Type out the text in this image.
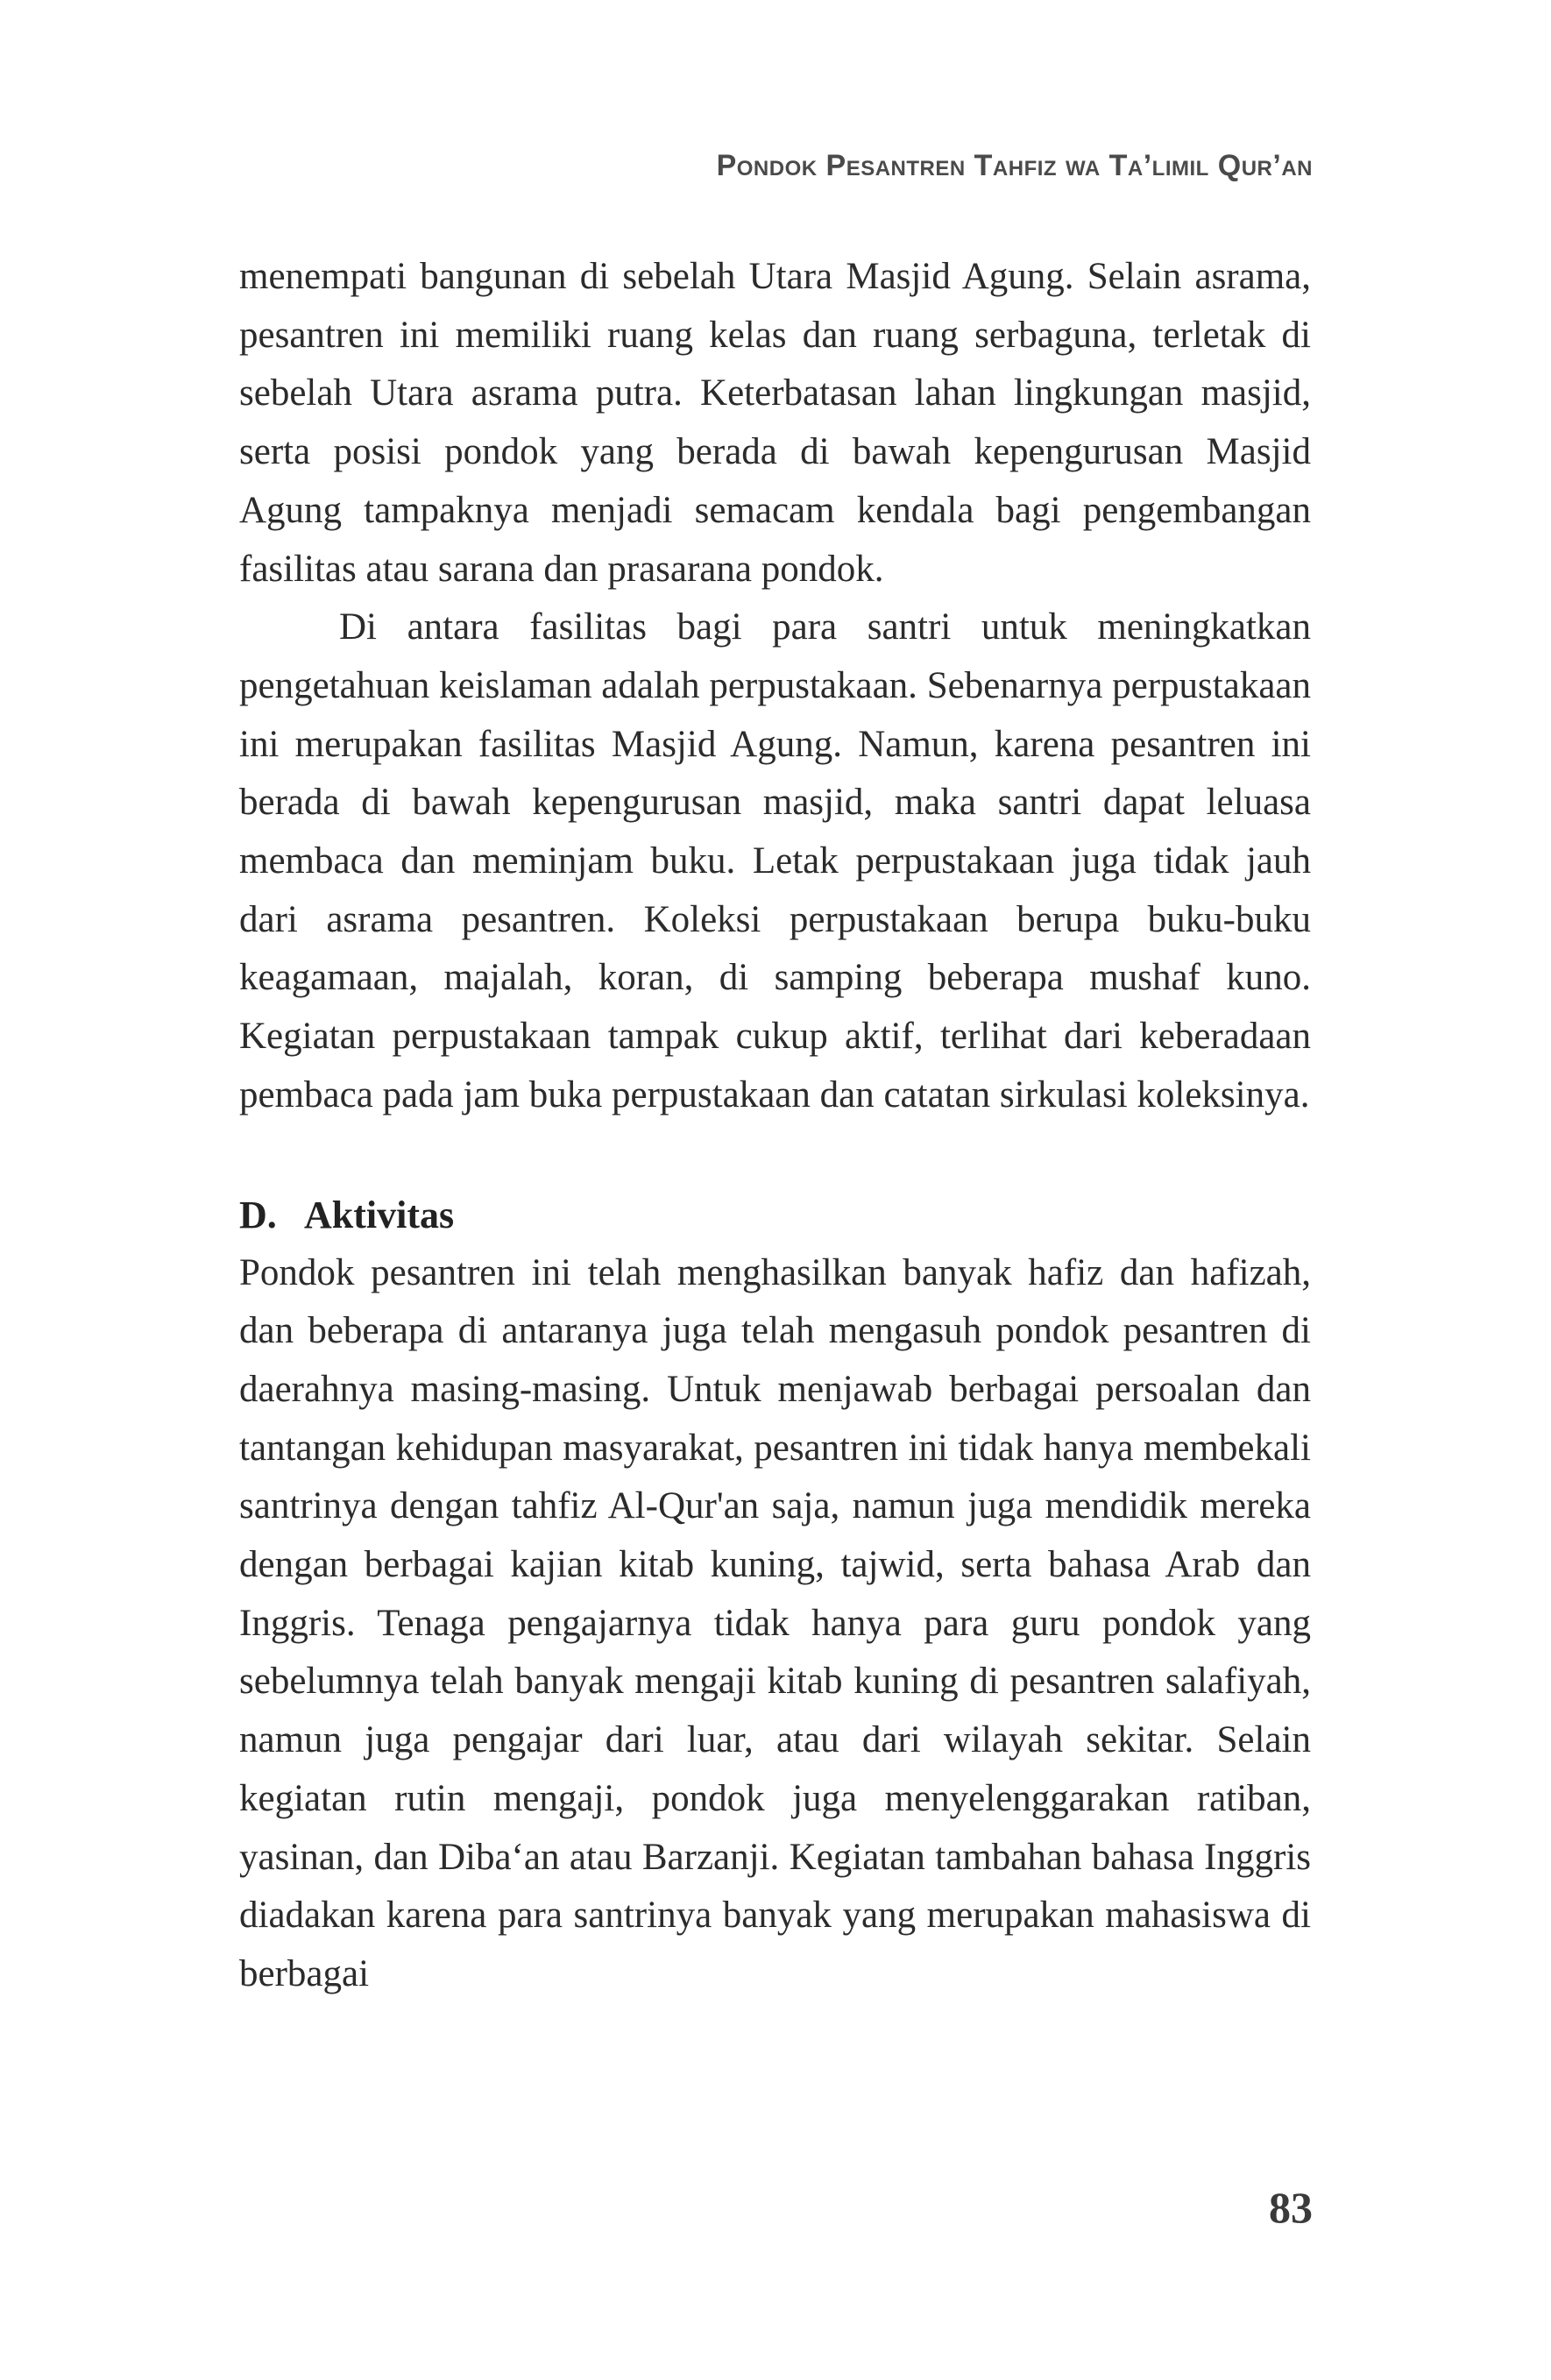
Pondok Pesantren Tahfiz wa Ta’limil Qur’an

menempati bangunan di sebelah Utara Masjid Agung. Selain asrama, pesantren ini memiliki ruang kelas dan ruang serbaguna, terletak di sebelah Utara asrama putra. Keterbatasan lahan lingkungan masjid, serta posisi pondok yang berada di bawah kepengurusan Masjid Agung tampaknya menjadi semacam kendala bagi pengembangan fasilitas atau sarana dan prasarana pondok.

Di antara fasilitas bagi para santri untuk meningkatkan pengetahuan keislaman adalah perpustakaan. Sebenarnya perpustakaan ini merupakan fasilitas Masjid Agung. Namun, karena pesantren ini berada di bawah kepengurusan masjid, maka santri dapat leluasa membaca dan meminjam buku. Letak perpustakaan juga tidak jauh dari asrama pesantren. Koleksi perpustakaan berupa buku-buku keagamaan, majalah, koran, di samping beberapa mushaf kuno. Kegiatan perpustakaan tampak cukup aktif, terlihat dari keberadaan pembaca pada jam buka perpustakaan dan catatan sirkulasi koleksinya.

D. Aktivitas

Pondok pesantren ini telah menghasilkan banyak hafiz dan hafizah, dan beberapa di antaranya juga telah mengasuh pondok pesantren di daerahnya masing-masing. Untuk menjawab berbagai persoalan dan tantangan kehidupan masyarakat, pesantren ini tidak hanya membekali santrinya dengan tahfiz Al-Qur'an saja, namun juga mendidik mereka dengan berbagai kajian kitab kuning, tajwid, serta bahasa Arab dan Inggris. Tenaga pengajarnya tidak hanya para guru pondok yang sebelumnya telah banyak mengaji kitab kuning di pesantren salafiyah, namun juga pengajar dari luar, atau dari wilayah sekitar. Selain kegiatan rutin mengaji, pondok juga menyelenggarakan ratiban, yasinan, dan Diba‘an atau Barzanji. Kegiatan tambahan bahasa Inggris diadakan karena para santrinya banyak yang merupakan mahasiswa di berbagai

83
